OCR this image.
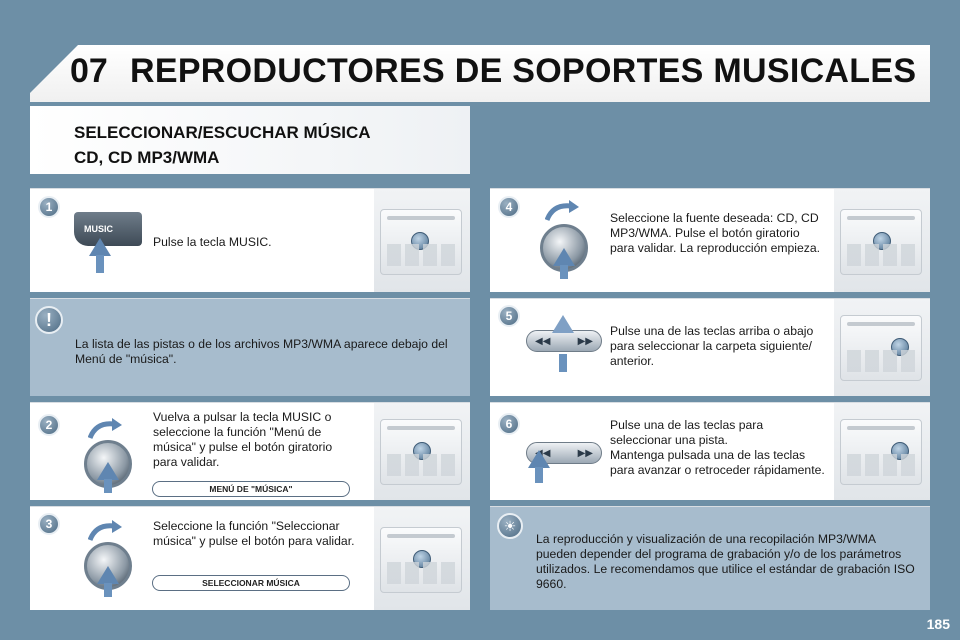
07 REPRODUCTORES DE SOPORTES MUSICALES
SELECCIONAR/ESCUCHAR MÚSICA
CD, CD MP3/WMA
1
MUSIC
Pulse la tecla MUSIC.
!
La lista de las pistas o de los archivos MP3/WMA aparece debajo del Menú de "música".
2
Vuelva a pulsar la tecla MUSIC o seleccione la función "Menú de música" y pulse el botón giratorio para validar.
MENÚ DE "MÚSICA"
3	Seleccione la función "Seleccionar música" y pulse el botón para validar.
SELECCIONAR MÚSICA
4
Seleccione la fuente deseada: CD, CD MP3/WMA. Pulse el botón giratorio para validar. La reproducción empieza.
5
◀◀	▶▶
Pulse una de las teclas arriba o abajo para seleccionar la carpeta siguiente/ anterior.
6
◀◀	▶▶
Pulse una de las teclas para seleccionar una pista.
Mantenga pulsada una de las teclas para avanzar o retroceder rápidamente.
☀
La reproducción y visualización de una recopilación MP3/WMA pueden depender del programa de grabación y/o de los parámetros utilizados. Le recomendamos que utilice el estándar de grabación ISO 9660.
185
